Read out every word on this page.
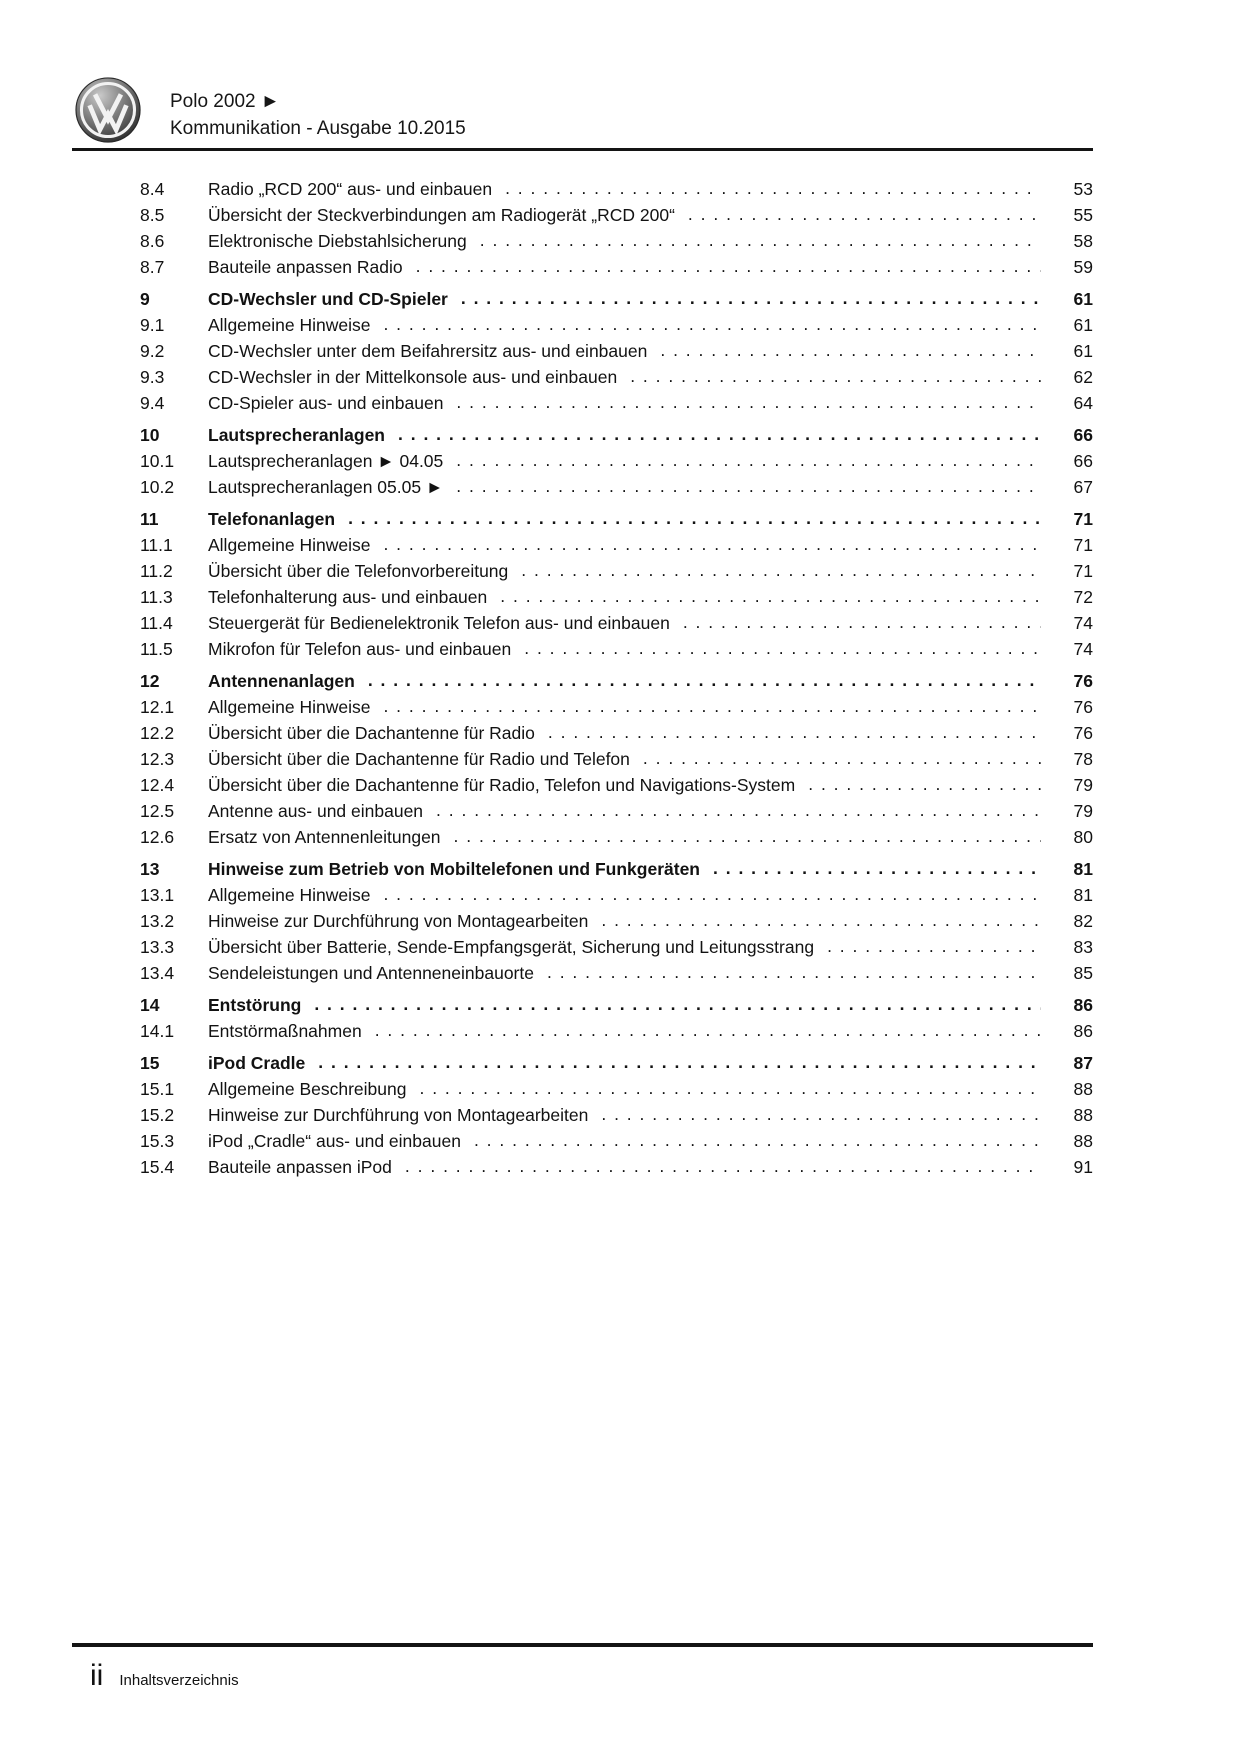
Polo 2002 ►
Kommunikation - Ausgabe 10.2015
8.4	Radio „RCD 200“ aus- und einbauen . . .	53
8.5	Übersicht der Steckverbindungen am Radiogerät „RCD 200“ . . .	55
8.6	Elektronische Diebstahlsicherung . . .	58
8.7	Bauteile anpassen Radio . . .	59
9	CD-Wechsler und CD-Spieler . . .	61
9.1	Allgemeine Hinweise . . .	61
9.2	CD-Wechsler unter dem Beifahrersitz aus- und einbauen . . .	61
9.3	CD-Wechsler in der Mittelkonsole aus- und einbauen . . .	62
9.4	CD-Spieler aus- und einbauen . . .	64
10	Lautsprecheranlagen . . .	66
10.1	Lautsprecheranlagen ► 04.05 . . .	66
10.2	Lautsprecheranlagen 05.05 ► . . .	67
11	Telefonanlagen . . .	71
11.1	Allgemeine Hinweise . . .	71
11.2	Übersicht über die Telefonvorbereitung . . .	71
11.3	Telefonhalterung aus- und einbauen . . .	72
11.4	Steuergerät für Bedienelektronik Telefon aus- und einbauen . . .	74
11.5	Mikrofon für Telefon aus- und einbauen . . .	74
12	Antennenanlagen . . .	76
12.1	Allgemeine Hinweise . . .	76
12.2	Übersicht über die Dachantenne für Radio . . .	76
12.3	Übersicht über die Dachantenne für Radio und Telefon . . .	78
12.4	Übersicht über die Dachantenne für Radio, Telefon und Navigations-System . . .	79
12.5	Antenne aus- und einbauen . . .	79
12.6	Ersatz von Antennenleitungen . . .	80
13	Hinweise zum Betrieb von Mobiltelefonen und Funkgeräten . . .	81
13.1	Allgemeine Hinweise . . .	81
13.2	Hinweise zur Durchführung von Montagearbeiten . . .	82
13.3	Übersicht über Batterie, Sende-Empfangsgerät, Sicherung und Leitungsstrang . . .	83
13.4	Sendeleistungen und Antenneneinbauorte . . .	85
14	Entstörung . . .	86
14.1	Entstörmaßnahmen . . .	86
15	iPod Cradle . . .	87
15.1	Allgemeine Beschreibung . . .	88
15.2	Hinweise zur Durchführung von Montagearbeiten . . .	88
15.3	iPod „Cradle“ aus- und einbauen . . .	88
15.4	Bauteile anpassen iPod . . .	91
ii Inhaltsverzeichnis
